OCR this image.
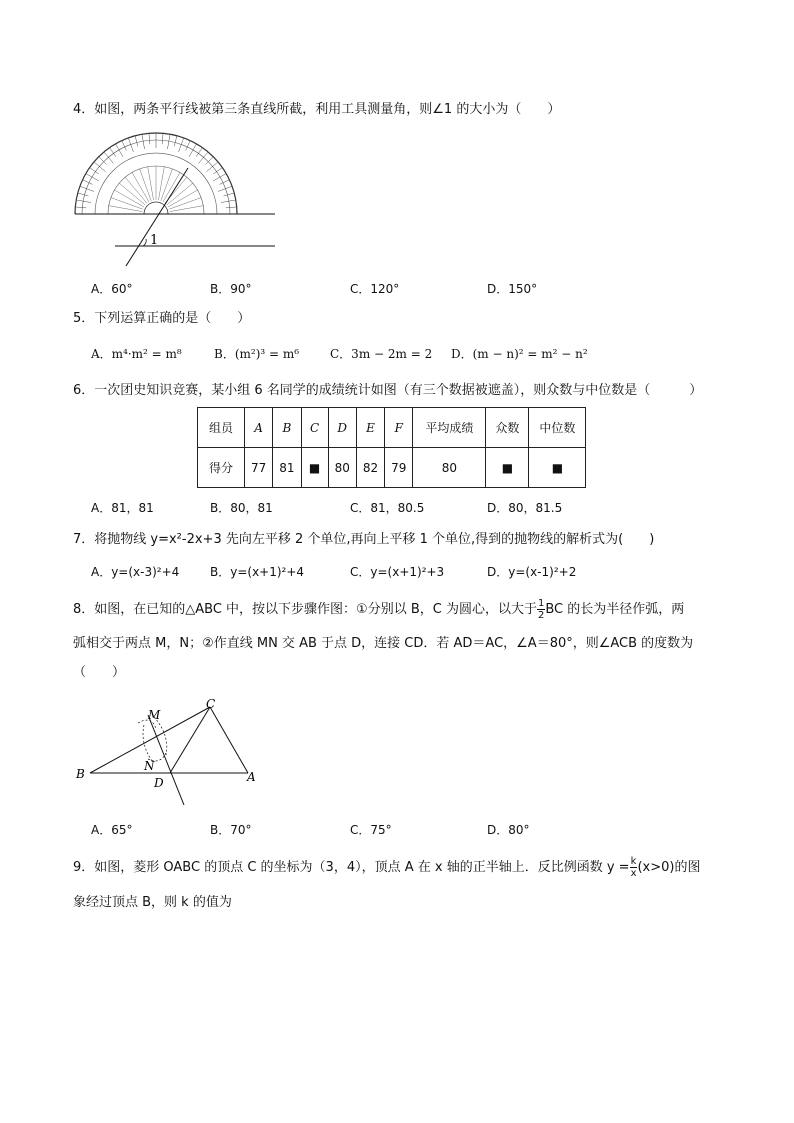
4．如图，两条平行线被第三条直线所截，利用工具测量角，则∠1 的大小为（　　）
1
A．60°	B．90°	C．120°	D．150°
5．下列运算正确的是（　　）
A．m⁴·m² = m⁸	B．(m²)³ = m⁶	C．3m − 2m = 2 D．(m − n)² = m² − n²
6．一次团史知识竞赛，某小组 6 名同学的成绩统计如图（有三个数据被遮盖），则众数与中位数是（　　　）
组员	A	B	C	D	E	F	平均成绩	众数	中位数
得分	77	81	■	80	82	79	80	■	■
A．81，81	B．80，81	C．81，80.5	D．80，81.5
7．将抛物线 y=x²-2x+3 先向左平移 2 个单位,再向上平移 1 个单位,得到的抛物线的解析式为(　　)
A．y=(x-3)²+4	B．y=(x+1)²+4	C．y=(x+1)²+3	D．y=(x-1)²+2
8．如图，在已知的△ABC 中，按以下步骤作图：①分别以 B，C 为圆心，以大于 $\frac{1}{2}$ BC 的长为半径作弧，两
弧相交于两点 M，N；②作直线 MN 交 AB 于点 D，连接 CD．若 AD＝AC，∠A＝80°，则∠ACB 的度数为
（　　）
M
C
B
N
D	A
A．65°	B．70°	C．75°	D．80°
9．如图，菱形 OABC 的顶点 C 的坐标为（3，4），顶点 A 在 x 轴的正半轴上．反比例函数 $y = \frac{k}{x} (x>0)$的图
象经过顶点 B，则 k 的值为
